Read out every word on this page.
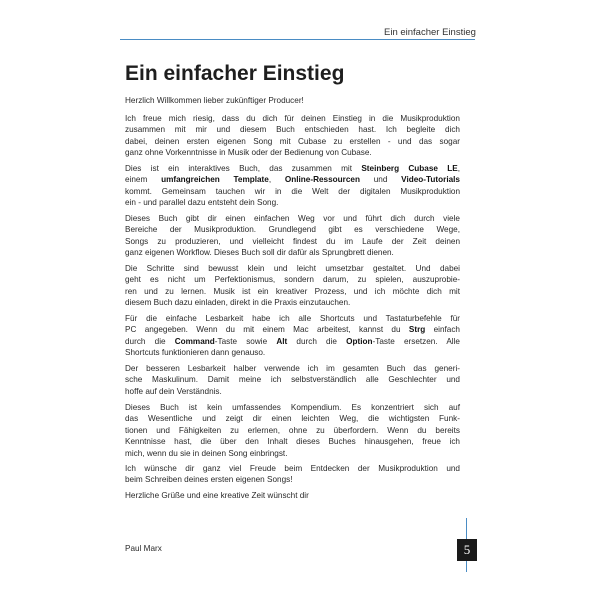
Ein einfacher Einstieg
Ein einfacher Einstieg

Herzlich Willkommen lieber zukünftiger Producer!

Ich freue mich riesig, dass du dich für deinen Einstieg in die Musikproduktion
zusammen mit mir und diesem Buch entschieden hast. Ich begleite dich
dabei, deinen ersten eigenen Song mit Cubase zu erstellen - und das sogar
ganz ohne Vorkenntnisse in Musik oder der Bedienung von Cubase.

Dies ist ein interaktives Buch, das zusammen mit Steinberg Cubase LE,
einem umfangreichen Template, Online-Ressourcen und Video-Tutorials
kommt. Gemeinsam tauchen wir in die Welt der digitalen Musikproduktion
ein - und parallel dazu entsteht dein Song.

Dieses Buch gibt dir einen einfachen Weg vor und führt dich durch viele
Bereiche der Musikproduktion. Grundlegend gibt es verschiedene Wege,
Songs zu produzieren, und vielleicht findest du im Laufe der Zeit deinen
ganz eigenen Workflow. Dieses Buch soll dir dafür als Sprungbrett dienen.

Die Schritte sind bewusst klein und leicht umsetzbar gestaltet. Und dabei
geht es nicht um Perfektionismus, sondern darum, zu spielen, auszuprobie-
ren und zu lernen. Musik ist ein kreativer Prozess, und ich möchte dich mit
diesem Buch dazu einladen, direkt in die Praxis einzutauchen.

Für die einfache Lesbarkeit habe ich alle Shortcuts und Tastaturbefehle für
PC angegeben. Wenn du mit einem Mac arbeitest, kannst du Strg einfach
durch die Command-Taste sowie Alt durch die Option-Taste ersetzen. Alle
Shortcuts funktionieren dann genauso.

Der besseren Lesbarkeit halber verwende ich im gesamten Buch das generi-
sche Maskulinum. Damit meine ich selbstverständlich alle Geschlechter und
hoffe auf dein Verständnis.

Dieses Buch ist kein umfassendes Kompendium. Es konzentriert sich auf
das Wesentliche und zeigt dir einen leichten Weg, die wichtigsten Funk-
tionen und Fähigkeiten zu erlernen, ohne zu überfordern. Wenn du bereits
Kenntnisse hast, die über den Inhalt dieses Buches hinausgehen, freue ich
mich, wenn du sie in deinen Song einbringst.

Ich wünsche dir ganz viel Freude beim Entdecken der Musikproduktion und
beim Schreiben deines ersten eigenen Songs!

Herzliche Grüße und eine kreative Zeit wünscht dir

Paul Marx	5
